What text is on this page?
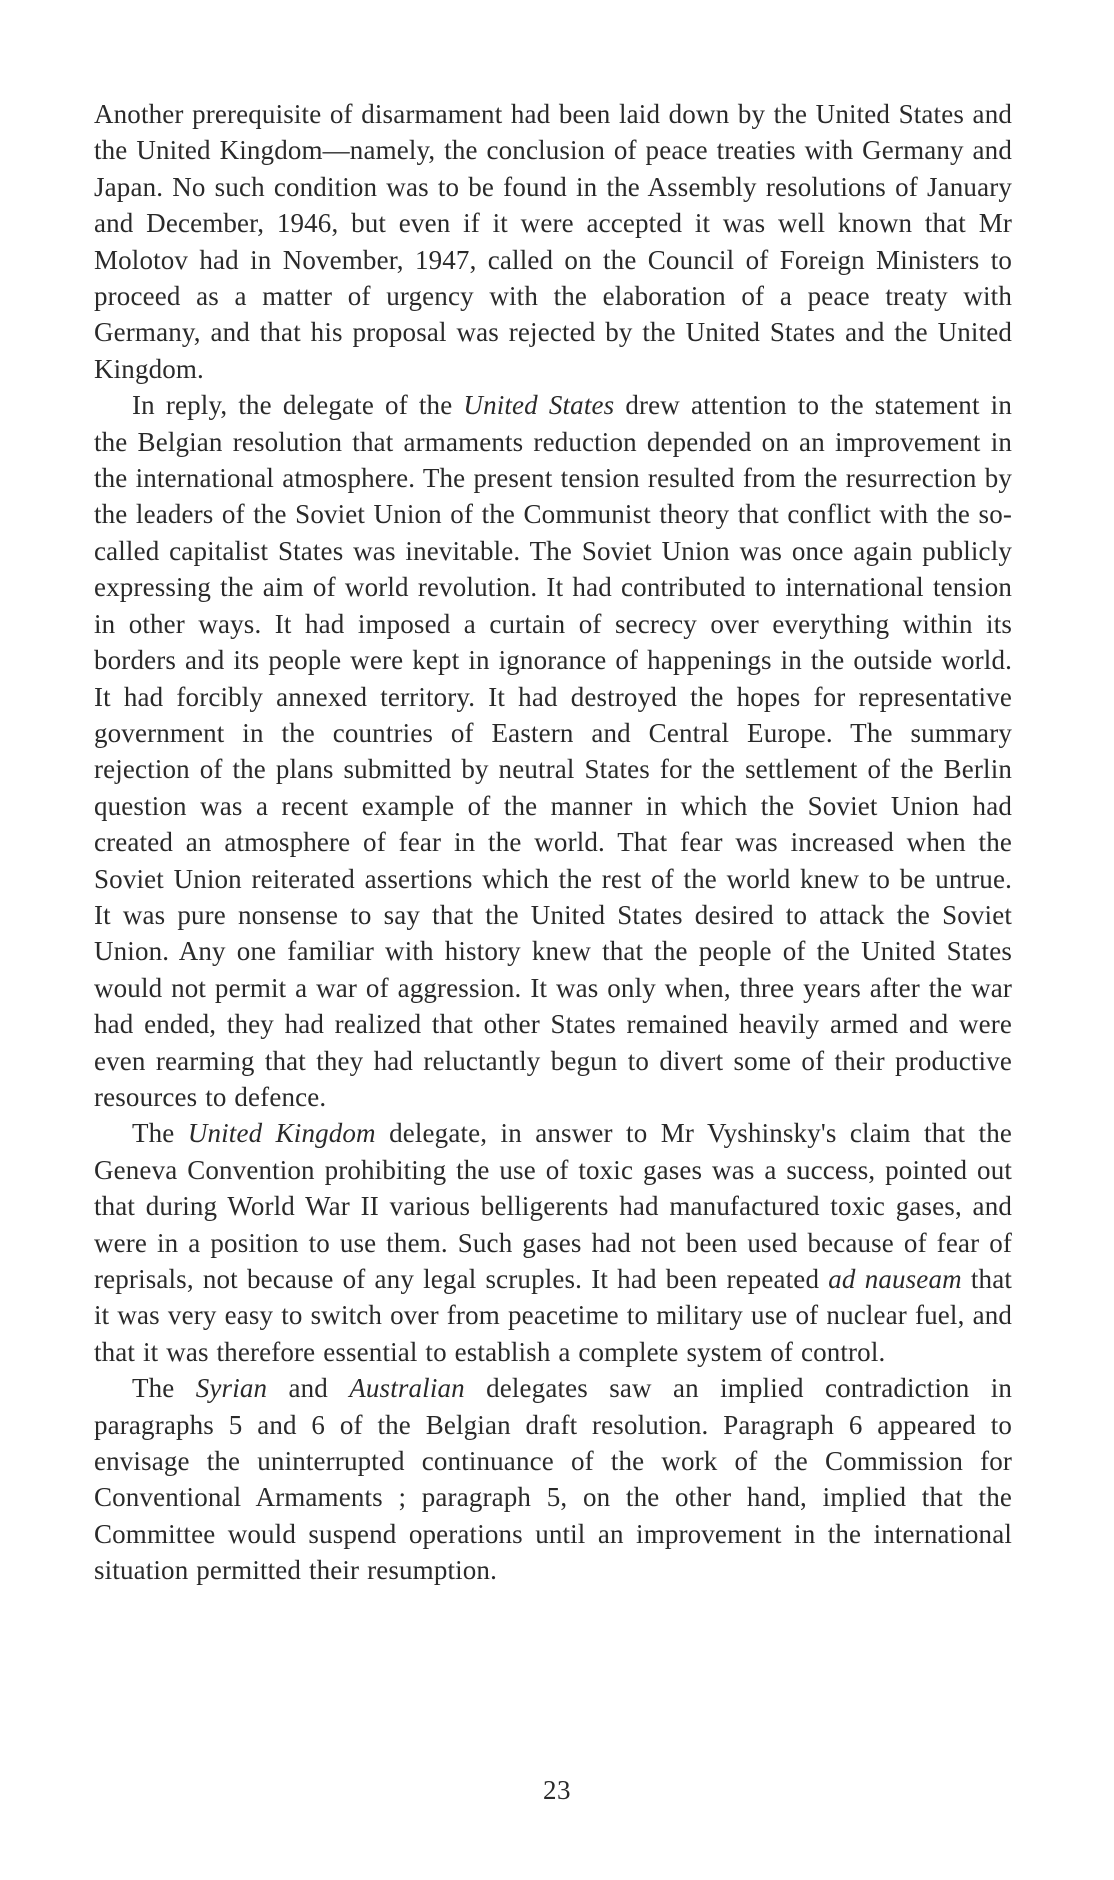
Another prerequisite of disarmament had been laid down by the United States and the United Kingdom—namely, the conclusion of peace treaties with Germany and Japan. No such condition was to be found in the Assembly resolutions of January and December, 1946, but even if it were accepted it was well known that Mr Molotov had in November, 1947, called on the Council of Foreign Ministers to proceed as a matter of urgency with the elaboration of a peace treaty with Germany, and that his proposal was rejected by the United States and the United Kingdom.

In reply, the delegate of the United States drew attention to the statement in the Belgian resolution that armaments reduction depended on an improvement in the international atmosphere. The present tension resulted from the resurrection by the leaders of the Soviet Union of the Communist theory that conflict with the so-called capitalist States was inevitable. The Soviet Union was once again publicly expressing the aim of world revolution. It had contributed to international tension in other ways. It had imposed a curtain of secrecy over everything within its borders and its people were kept in ignorance of happenings in the outside world. It had forcibly annexed territory. It had destroyed the hopes for representative government in the countries of Eastern and Central Europe. The summary rejection of the plans submitted by neutral States for the settlement of the Berlin question was a recent example of the manner in which the Soviet Union had created an atmosphere of fear in the world. That fear was increased when the Soviet Union reiterated assertions which the rest of the world knew to be untrue. It was pure nonsense to say that the United States desired to attack the Soviet Union. Any one familiar with history knew that the people of the United States would not permit a war of aggression. It was only when, three years after the war had ended, they had realized that other States remained heavily armed and were even rearming that they had reluctantly begun to divert some of their productive resources to defence.

The United Kingdom delegate, in answer to Mr Vyshinsky's claim that the Geneva Convention prohibiting the use of toxic gases was a success, pointed out that during World War II various belligerents had manufactured toxic gases, and were in a position to use them. Such gases had not been used because of fear of reprisals, not because of any legal scruples. It had been repeated ad nauseam that it was very easy to switch over from peacetime to military use of nuclear fuel, and that it was therefore essential to establish a complete system of control.

The Syrian and Australian delegates saw an implied contradiction in paragraphs 5 and 6 of the Belgian draft resolution. Paragraph 6 appeared to envisage the uninterrupted continuance of the work of the Commission for Conventional Armaments ; paragraph 5, on the other hand, implied that the Committee would suspend operations until an improvement in the international situation permitted their resumption.

23
